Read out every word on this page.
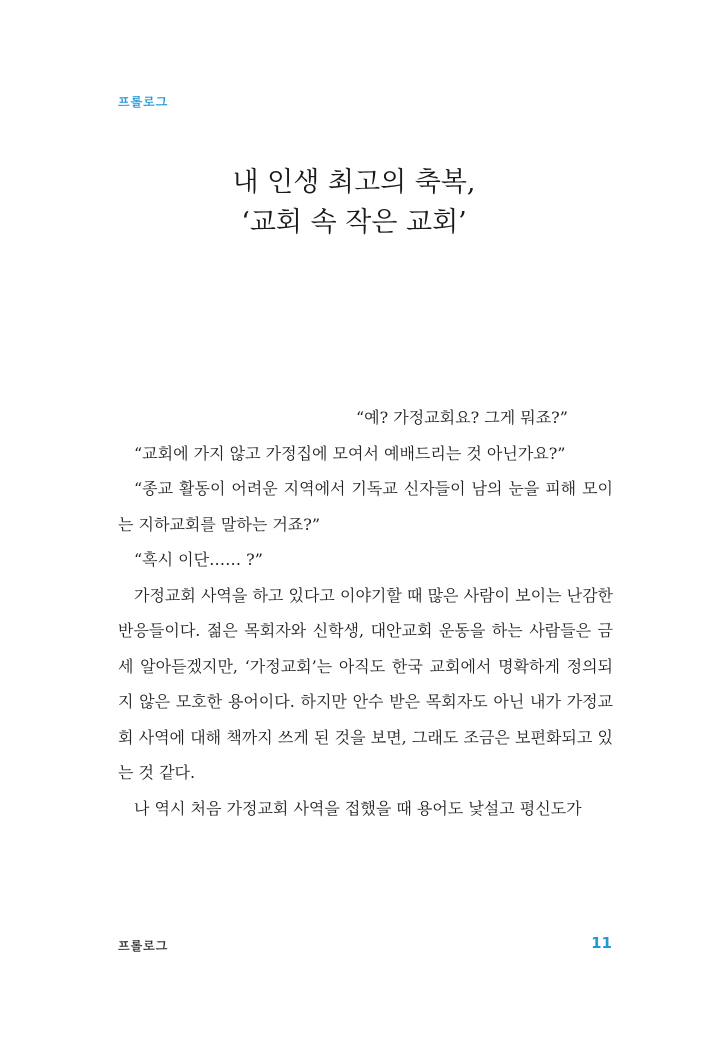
프롤로그
내 인생 최고의 축복,
‘교회 속 작은 교회’

“예? 가정교회요? 그게 뭐죠?”

“교회에 가지 않고 가정집에 모여서 예배드리는 것 아닌가요?”

“종교 활동이 어려운 지역에서 기독교 신자들이 남의 눈을 피해 모이는 지하교회를 말하는 거죠?”

“혹시 이단…… ?”

가정교회 사역을 하고 있다고 이야기할 때 많은 사람이 보이는 난감한 반응들이다. 젊은 목회자와 신학생, 대안교회 운동을 하는 사람들은 금세 알아듣겠지만, ‘가정교회’는 아직도 한국 교회에서 명확하게 정의되지 않은 모호한 용어이다. 하지만 안수 받은 목회자도 아닌 내가 가정교회 사역에 대해 책까지 쓰게 된 것을 보면, 그래도 조금은 보편화되고 있는 것 같다.

나 역시 처음 가정교회 사역을 접했을 때 용어도 낯설고 평신도가

프롤로그	11
